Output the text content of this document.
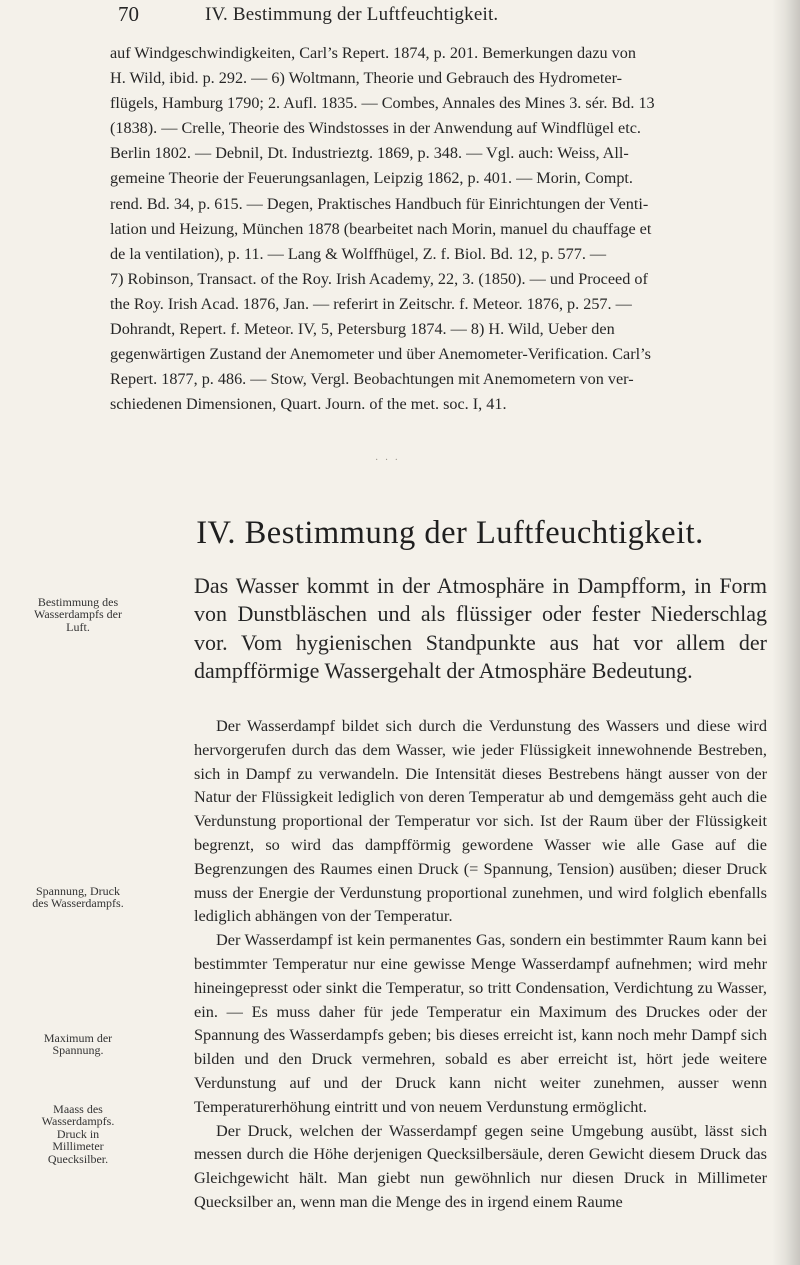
70	IV. Bestimmung der Luftfeuchtigkeit.
auf Windgeschwindigkeiten, Carl’s Repert. 1874, p. 201. Bemerkungen dazu von
H. Wild, ibid. p. 292. — 6) Woltmann, Theorie und Gebrauch des Hydrometer-
flügels, Hamburg 1790; 2. Aufl. 1835. — Combes, Annales des Mines 3. sér. Bd. 13
(1838). — Crelle, Theorie des Windstosses in der Anwendung auf Windflügel etc.
Berlin 1802. — Debnil, Dt. Industrieztg. 1869, p. 348. — Vgl. auch: Weiss, All-
gemeine Theorie der Feuerungsanlagen, Leipzig 1862, p. 401. — Morin, Compt.
rend. Bd. 34, p. 615. — Degen, Praktisches Handbuch für Einrichtungen der Venti-
lation und Heizung, München 1878 (bearbeitet nach Morin, manuel du chauffage et
de la ventilation), p. 11. — Lang & Wolffhügel, Z. f. Biol. Bd. 12, p. 577. —
7) Robinson, Transact. of the Roy. Irish Academy, 22, 3. (1850). — und Proceed of
the Roy. Irish Acad. 1876, Jan. — referirt in Zeitschr. f. Meteor. 1876, p. 257. —
Dohrandt, Repert. f. Meteor. IV, 5, Petersburg 1874. — 8) H. Wild, Ueber den
gegenwärtigen Zustand der Anemometer und über Anemometer-Verification. Carl’s
Repert. 1877, p. 486. — Stow, Vergl. Beobachtungen mit Anemometern von ver-
schiedenen Dimensionen, Quart. Journ. of the met. soc. I, 41.
· · ·
IV. Bestimmung der Luftfeuchtigkeit.
Das Wasser kommt in der Atmosphäre in Dampfform, in Form von Dunstbläschen und als flüssiger oder fester Niederschlag vor. Vom hygienischen Standpunkte aus hat vor allem der dampfförmige Wassergehalt der Atmosphäre Bedeutung.

Der Wasserdampf bildet sich durch die Verdunstung des Wassers und diese wird hervorgerufen durch das dem Wasser, wie jeder Flüssigkeit innewohnende Bestreben, sich in Dampf zu verwandeln. Die Intensität dieses Bestrebens hängt ausser von der Natur der Flüssigkeit lediglich von deren Temperatur ab und demgemäss geht auch die Verdunstung proportional der Temperatur vor sich. Ist der Raum über der Flüssigkeit begrenzt, so wird das dampfförmig gewordene Wasser wie alle Gase auf die Begrenzungen des Raumes einen Druck (= Spannung, Tension) ausüben; dieser Druck muss der Energie der Verdunstung proportional zunehmen, und wird folglich ebenfalls lediglich abhängen von der Temperatur.

Der Wasserdampf ist kein permanentes Gas, sondern ein bestimmter Raum kann bei bestimmter Temperatur nur eine gewisse Menge Wasserdampf aufnehmen; wird mehr hineingepresst oder sinkt die Temperatur, so tritt Condensation, Verdichtung zu Wasser, ein. — Es muss daher für jede Temperatur ein Maximum des Druckes oder der Spannung des Wasserdampfs geben; bis dieses erreicht ist, kann noch mehr Dampf sich bilden und den Druck vermehren, sobald es aber erreicht ist, hört jede weitere Verdunstung auf und der Druck kann nicht weiter zunehmen, ausser wenn Temperaturerhöhung eintritt und von neuem Verdunstung ermöglicht.

Der Druck, welchen der Wasserdampf gegen seine Umgebung ausübt, lässt sich messen durch die Höhe derjenigen Quecksilbersäule, deren Gewicht diesem Druck das Gleichgewicht hält. Man giebt nun gewöhnlich nur diesen Druck in Millimeter Quecksilber an, wenn man die Menge des in irgend einem Raume

Bestimmung des Wasserdampfs der Luft.
Spannung, Druck des Wasserdampfs.
Maximum der Spannung.
Maass des Wasserdampfs. Druck in Millimeter Quecksilber.
